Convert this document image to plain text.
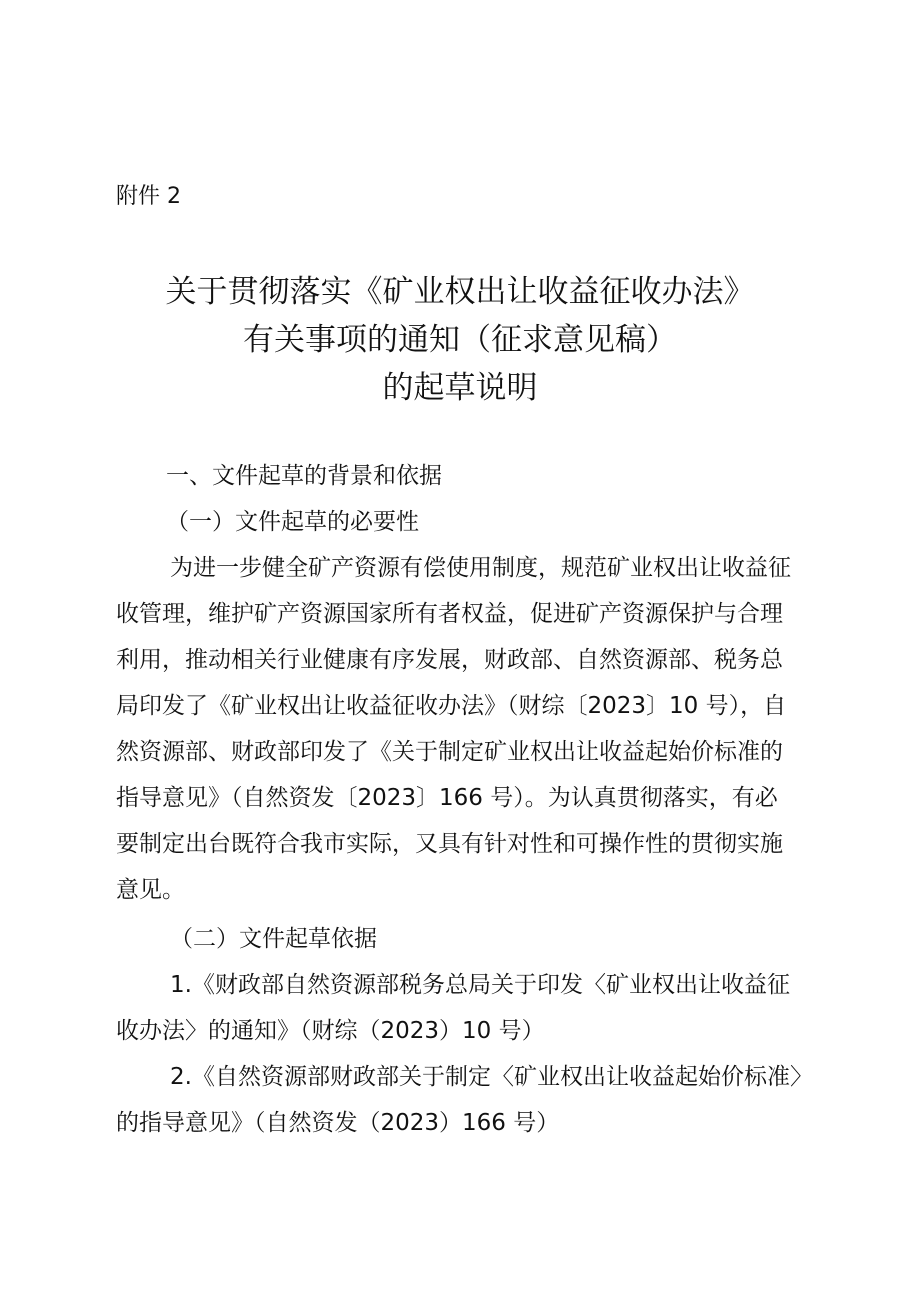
附件 2
关于贯彻落实《矿业权出让收益征收办法》
有关事项的通知（征求意见稿）
的起草说明
一、文件起草的背景和依据
（一）文件起草的必要性
为进一步健全矿产资源有偿使用制度，规范矿业权出让收益征
收管理，维护矿产资源国家所有者权益，促进矿产资源保护与合理
利用，推动相关行业健康有序发展，财政部、自然资源部、税务总
局印发了《矿业权出让收益征收办法》（财综〔2023〕10 号），自
然资源部、财政部印发了《关于制定矿业权出让收益起始价标准的
指导意见》（自然资发〔2023〕166 号）。为认真贯彻落实，有必
要制定出台既符合我市实际，又具有针对性和可操作性的贯彻实施
意见。
（二）文件起草依据
1.《财政部自然资源部税务总局关于印发〈矿业权出让收益征
收办法〉的通知》（财综（2023）10 号）
2.《自然资源部财政部关于制定〈矿业权出让收益起始价标准〉
的指导意见》（自然资发（2023）166 号）
